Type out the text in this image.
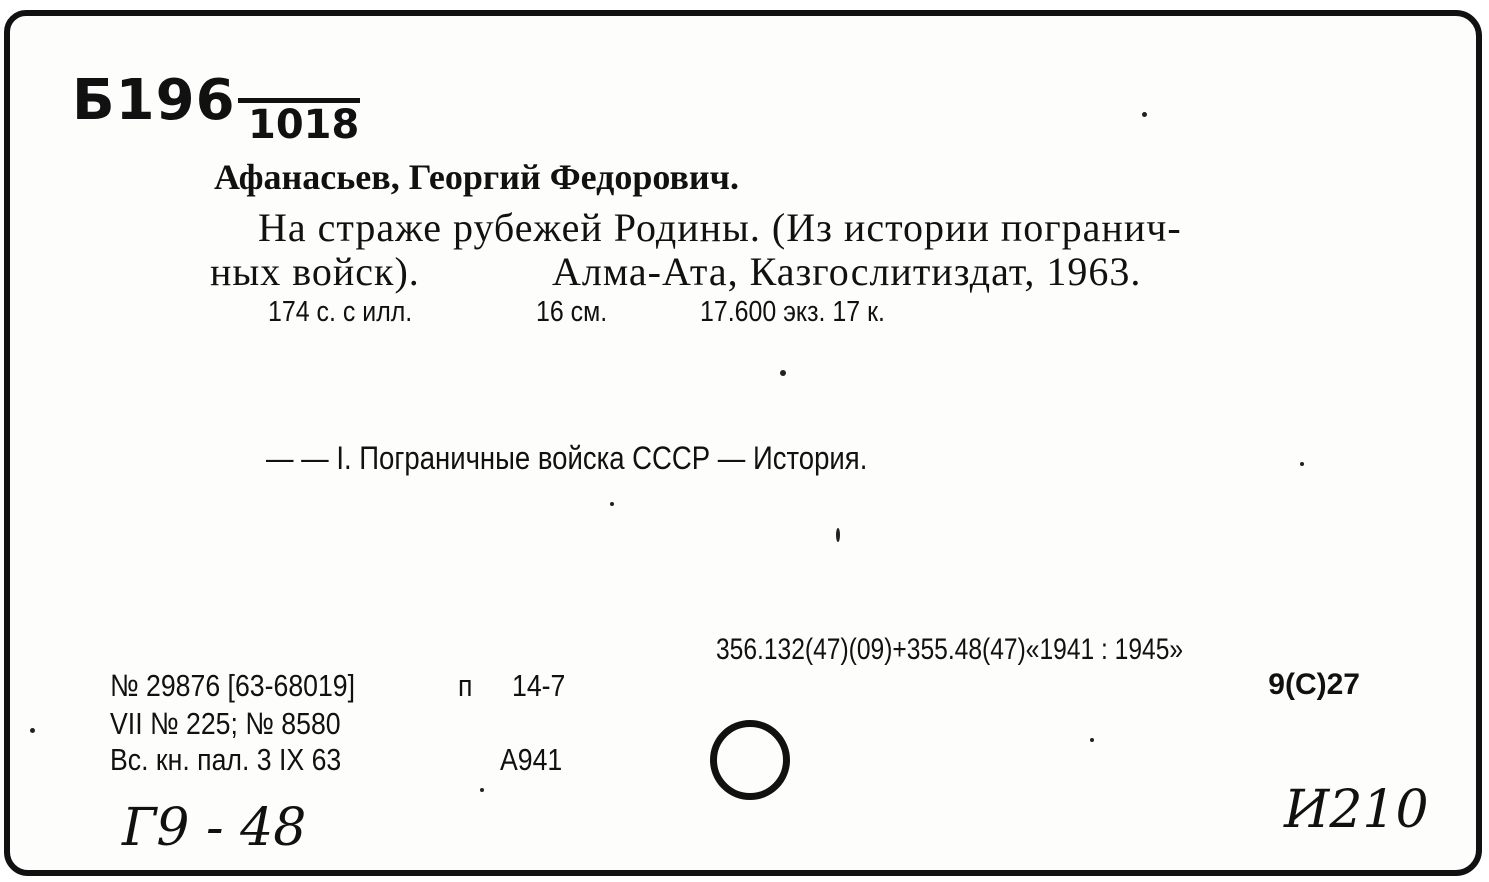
Б196 1018
Афанасьев, Георгий Федорович.
На страже рубежей Родины. (Из истории погранич-
ных войск).	Алма-Ата, Казгослитиздат, 1963.
174 с. с илл.	16 см.	17.600 экз. 17 к.
— — I. Пограничные войска СССР — История.
356.132(47)(09)+355.48(47)«1941 : 1945»
9(С)27
№ 29876 [63-68019]	п 14-7
VII № 225; № 8580
Вс. кн. пал. 3 IX 63	А941
Г9 - 48	И210
